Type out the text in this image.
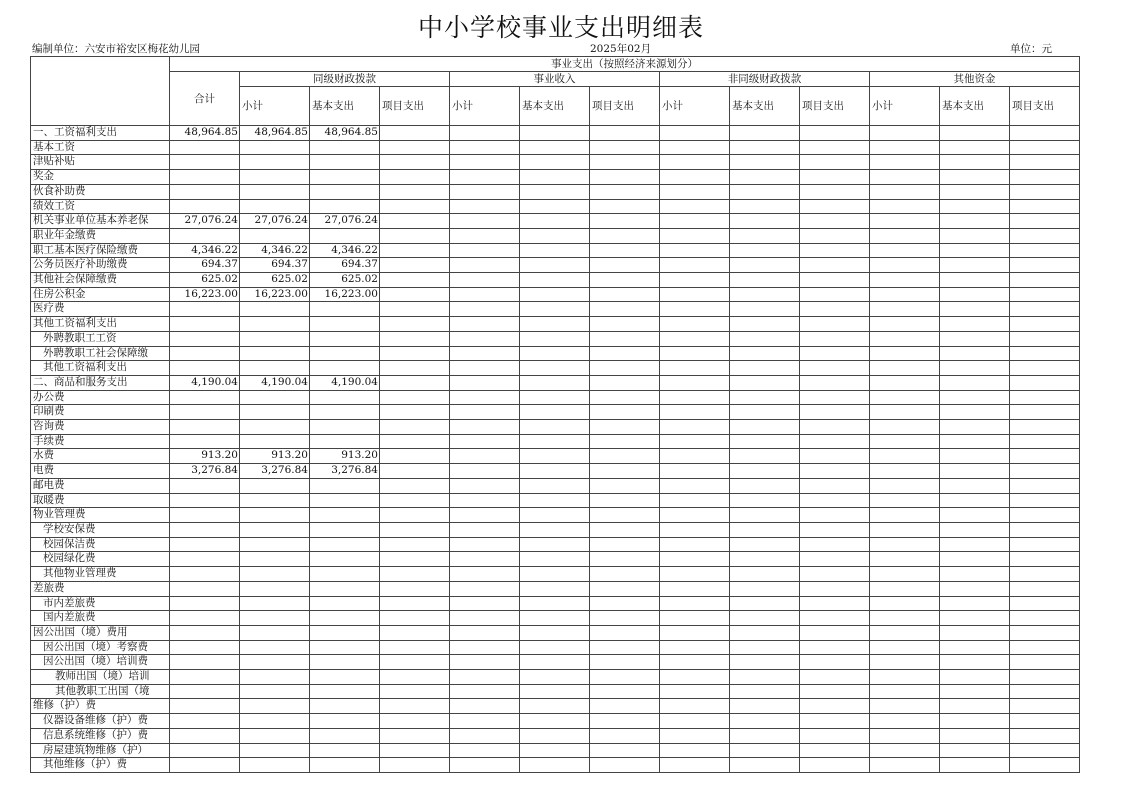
中小学校事业支出明细表
编制单位：六安市裕安区梅花幼儿园	2025年02月	单位：元
	事业支出（按照经济来源划分）												
	合计	同级财政拨款			事业收入			非同级财政拨款			其他资金		
		小计	基本支出	项目支出	小计	基本支出	项目支出	小计	基本支出	项目支出	小计	基本支出	项目支出
一、工资福利支出	48,964.85	48,964.85	48,964.85										
基本工资													
津贴补贴													
奖金													
伙食补助费													
绩效工资													
机关事业单位基本养老保	27,076.24	27,076.24	27,076.24										
职业年金缴费													
职工基本医疗保险缴费	4,346.22	4,346.22	4,346.22										
公务员医疗补助缴费	694.37	694.37	694.37										
其他社会保障缴费	625.02	625.02	625.02										
住房公积金	16,223.00	16,223.00	16,223.00										
医疗费													
其他工资福利支出													
外聘教职工工资													
外聘教职工社会保障缴													
其他工资福利支出													
二、商品和服务支出	4,190.04	4,190.04	4,190.04										
办公费													
印刷费													
咨询费													
手续费													
水费	913.20	913.20	913.20										
电费	3,276.84	3,276.84	3,276.84										
邮电费													
取暖费													
物业管理费													
学校安保费													
校园保洁费													
校园绿化费													
其他物业管理费													
差旅费													
市内差旅费													
国内差旅费													
因公出国（境）费用													
因公出国（境）考察费													
因公出国（境）培训费													
教师出国（境）培训													
其他教职工出国（境													
维修（护）费													
仪器设备维修（护）费													
信息系统维修（护）费													
房屋建筑物维修（护）													
其他维修（护）费													
